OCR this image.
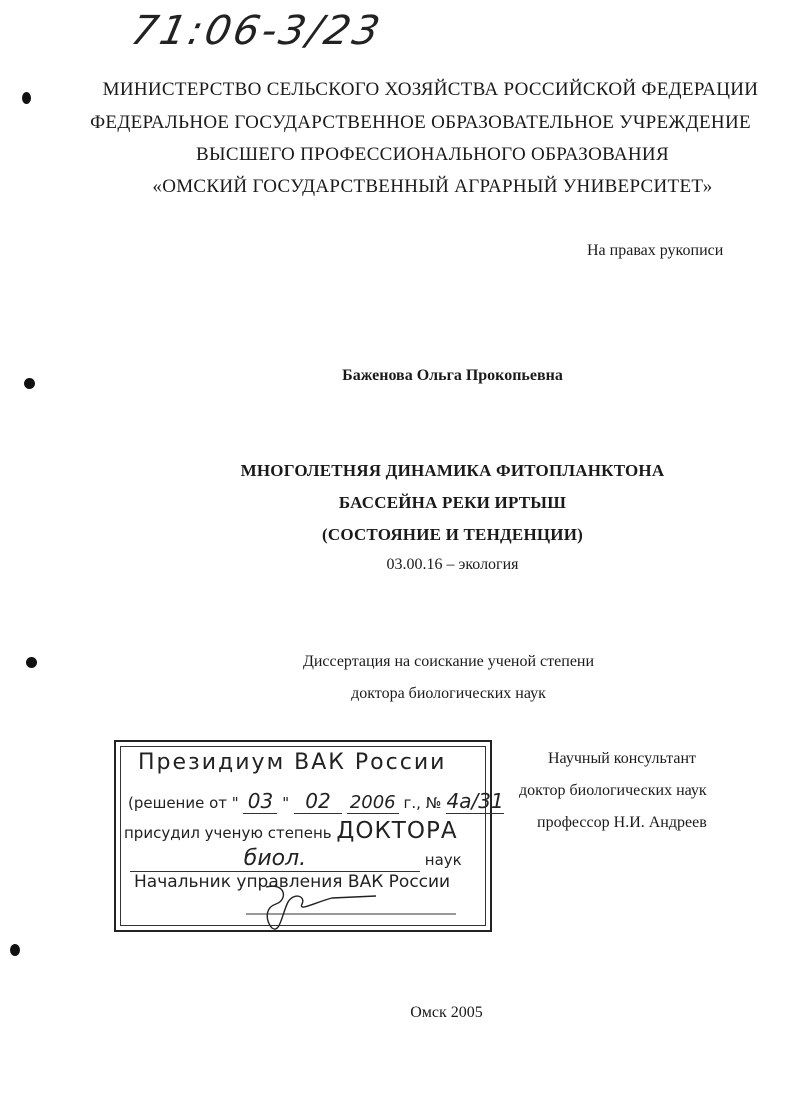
71:06-3/23
МИНИСТЕРСТВО СЕЛЬСКОГО ХОЗЯЙСТВА РОССИЙСКОЙ ФЕДЕРАЦИИ
ФЕДЕРАЛЬНОЕ ГОСУДАРСТВЕННОЕ ОБРАЗОВАТЕЛЬНОЕ УЧРЕЖДЕНИЕ
ВЫСШЕГО ПРОФЕССИОНАЛЬНОГО ОБРАЗОВАНИЯ
«ОМСКИЙ ГОСУДАРСТВЕННЫЙ АГРАРНЫЙ УНИВЕРСИТЕТ»
На правах рукописи
Баженова Ольга Прокопьевна
МНОГОЛЕТНЯЯ ДИНАМИКА ФИТОПЛАНКТОНА
БАССЕЙНА РЕКИ ИРТЫШ
(СОСТОЯНИЕ И ТЕНДЕНЦИИ)
03.00.16 – экология
Диссертация на соискание ученой степени
доктора биологических наук
Президиум ВАК России
(решение от " 03 " 02 2006 г., № 4а/31
присудил ученую степень ДОКТОРА
биол.	наук
Начальник управления ВАК России
Научный консультант
доктор биологических наук
профессор Н.И. Андреев
Омск 2005
